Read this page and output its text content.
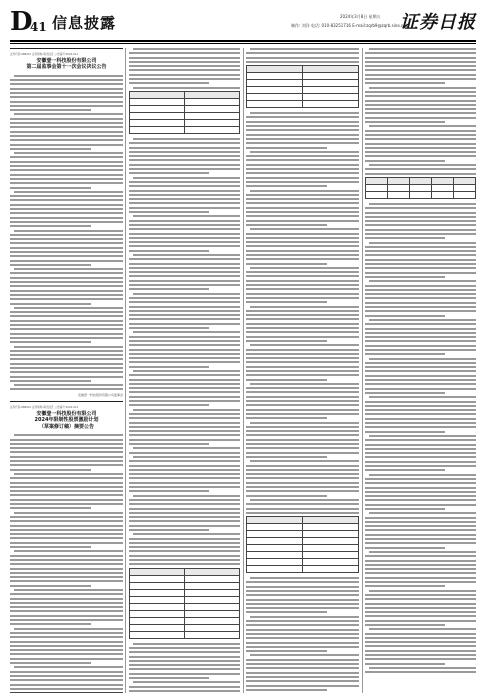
D
41 信息披露	2024年3月8日 星期五
制作: 刘洋 电话: 010-83251716 E-mail:zqrb9@zqrb.sina.net
证券日报
证券代码:688041 证券简称:海光信息 公告编号:2024-011
安徽壹一科技股份有限公司
第二届监事会第十一次会议决议公告
安徽壹一科技股份有限公司监事会
证券代码:688041 证券简称:海光信息 公告编号:2024-012
安徽壹一科技股份有限公司
2024年限制性股票激励计划
（草案修订稿）摘要公告
